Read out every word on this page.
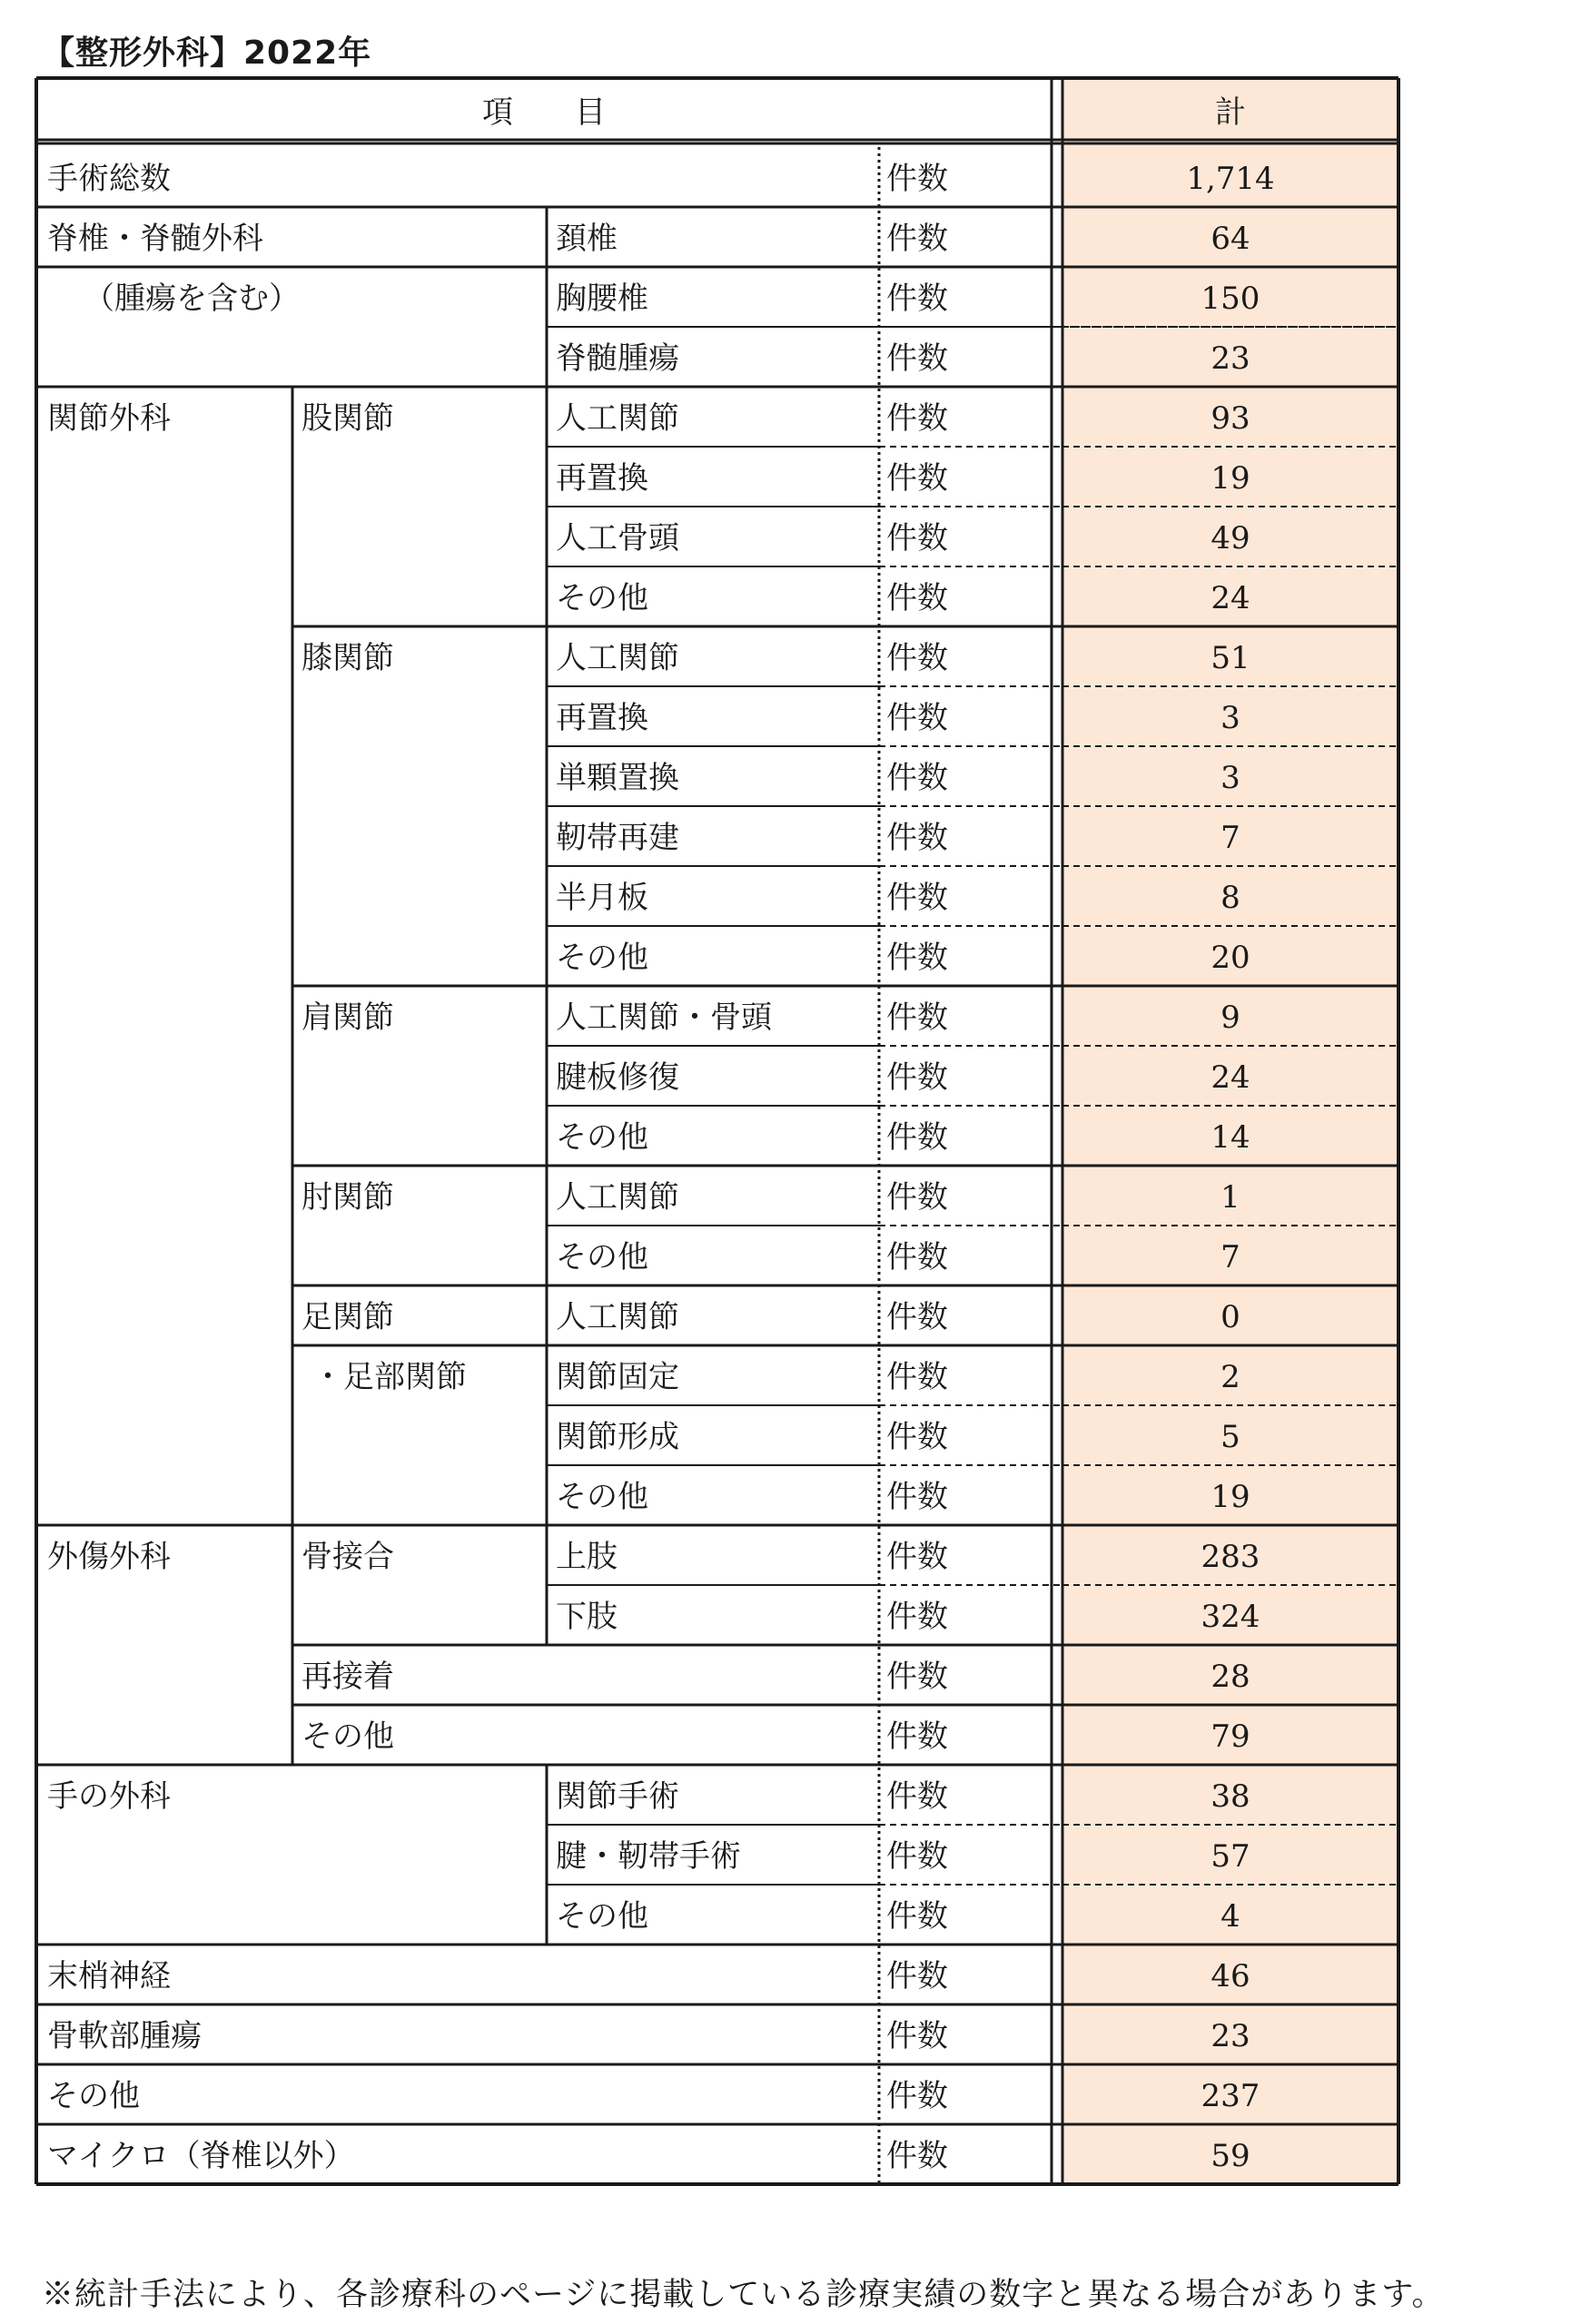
【整形外科】2022年
項　　目	計
手術総数	件数	1,714
脊椎・脊髄外科	頚椎	件数	64
（腫瘍を含む）	胸腰椎	件数	150
脊髄腫瘍	件数	23
関節外科	股関節	人工関節	件数	93
再置換	件数	19
人工骨頭	件数	49
その他	件数	24
膝関節	人工関節	件数	51
再置換	件数	3
単顆置換	件数	3
靭帯再建	件数	7
半月板	件数	8
その他	件数	20
肩関節	人工関節・骨頭	件数	9
腱板修復	件数	24
その他	件数	14
肘関節	人工関節	件数	1
その他	件数	7
足関節	人工関節	件数	0
・足部関節	関節固定	件数	2
関節形成	件数	5
その他	件数	19
外傷外科	骨接合	上肢	件数	283
下肢	件数	324
再接着	件数	28
その他	件数	79
手の外科	関節手術	件数	38
腱・靭帯手術	件数	57
その他	件数	4
末梢神経	件数	46
骨軟部腫瘍	件数	23
その他	件数	237
マイクロ（脊椎以外）	件数	59
※統計手法により、各診療科のページに掲載している診療実績の数字と異なる場合があります。
